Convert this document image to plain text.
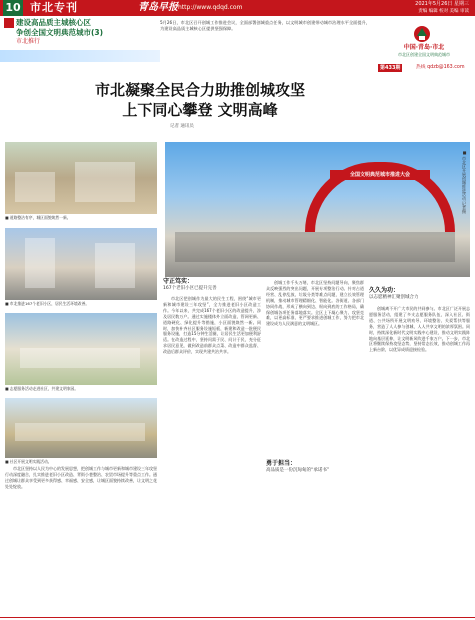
10 市北专刊	青岛早报 http://www.qdqd.com	2021年5月26日 星期三
责编 编辑 校对 美编 审读
建设高品质主城核心区
争创全国文明典范城市(3)
市北推行
5月26日，市北区召开创城工作推进会议，全面部署创城重点任务，以文明城市创建带动城市治理水平全面提升，为建设高品质主城核心区提供坚强保障。
中国·青岛·市北
市北区创建全国文明典范城市
第433期	热线 qdzb@163.com
市北凝聚全民合力助推创城攻坚
上下同心攀登 文明高峰
记者 通讯员
■ 道路整洁有序，城区面貌焕然一新。
■ 市北推进167个老旧小区，居民生活环境改善。
■ 志愿服务活动走进社区，共建文明家园。
■ 社区开展文明实践活动。

市北区坚持以人民为中心的发展思想，把创城工作与城市更新和城市建设三年攻坚行动深度融合，扎实推进老旧小区改造、背街小巷整治、农贸市场提升等重点工作。通过创城让群众享受到更多获得感、幸福感、安全感，让城区面貌持续改善，让文明之花处处绽放。

全国文明典范城市推进大会	■ 市北区开展创城推进活动 记者摄

市北区把创城作为最大的民生工程，围绕“城市更新和城市建设三年攻坚”，全力推进老旧小区改造工作。今年以来，共完成167个老旧小区的改造提升，涉及居民数万户。通过实施楼体外立面改造、管网更新、道路硬化、绿化提升等措施，小区面貌焕然一新。同时，加快补齐社区服务设施短板，新建和改造一批便民服务设施，打造15分钟生活圈，让居民生活更加便利舒适。在改造过程中，坚持问需于民、问计于民，充分征求居民意见，做到改造前群众点菜、改造中群众监督、改造后群众评价，实现共建共治共享。

守正笃实：
167个老旧小区已提升完善

创城工作千头万绪，市北区坚持问题导向，聚焦群众反映强烈的突出问题，开展专项整治行动。针对占道经营、乱停乱放、垃圾分类等难点问题，建立长效管理机制，推动城市管理精细化、智能化。各街道、各部门协同作战，形成了横向到边、纵向到底的工作格局，确保创城各项任务落地落实。全区上下凝心聚力、攻坚克难，以更高标准、更严要求推进创城工作，努力把市北建设成为人民满意的文明城区。

勇于担当：
高品质是一份沉甸甸的“承诺书”

创城离不开广大市民的共同参与。市北区广泛开展志愿服务活动，组建了多支志愿服务队伍，深入社区、街道、公共场所开展文明劝导、环境整治、关爱帮扶等服务，营造了人人参与创城、人人共享文明的浓厚氛围。同时，持续深化新时代文明实践中心建设，推动文明实践阵地向基层延伸，让文明新风吹进千家万户。下一步，市北区将继续保持攻坚态势，坚持常态长效，推动创城工作再上新台阶，以优异成绩迎接检验。

久久为功：
以志愿精神汇聚创城合力
